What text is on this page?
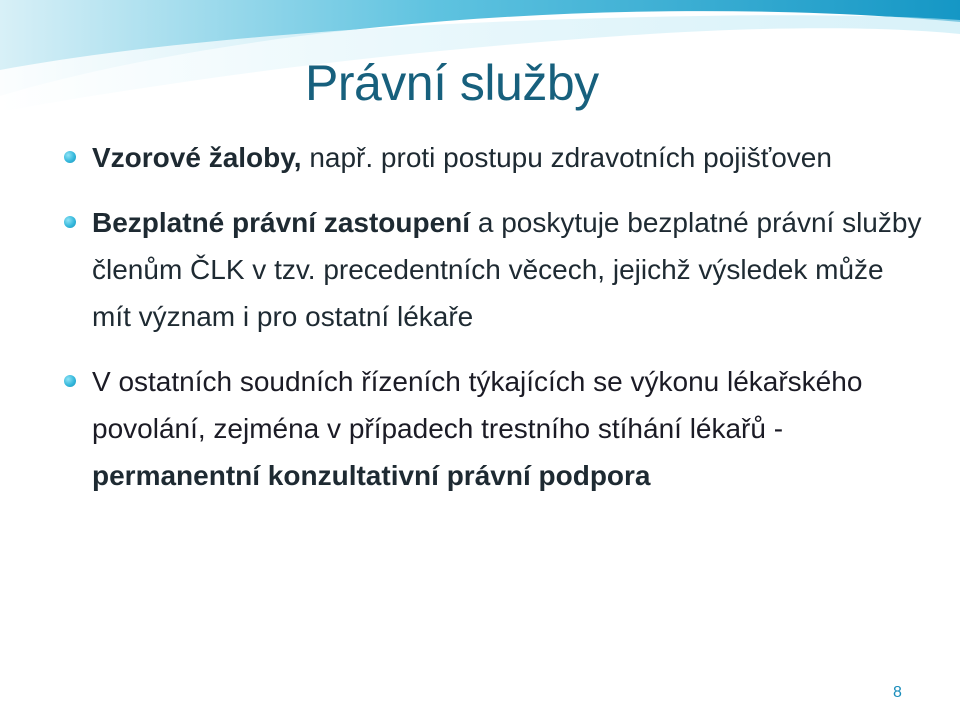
Právní služby
Vzorové žaloby, např. proti postupu zdravotních pojišťoven
Bezplatné právní zastoupení a poskytuje bezplatné právní služby členům ČLK v tzv. precedentních věcech, jejichž výsledek může mít význam i pro ostatní lékaře
V ostatních soudních řízeních týkajících se výkonu lékařského povolání, zejména v případech trestního stíhání lékařů - permanentní konzultativní právní podpora
8
